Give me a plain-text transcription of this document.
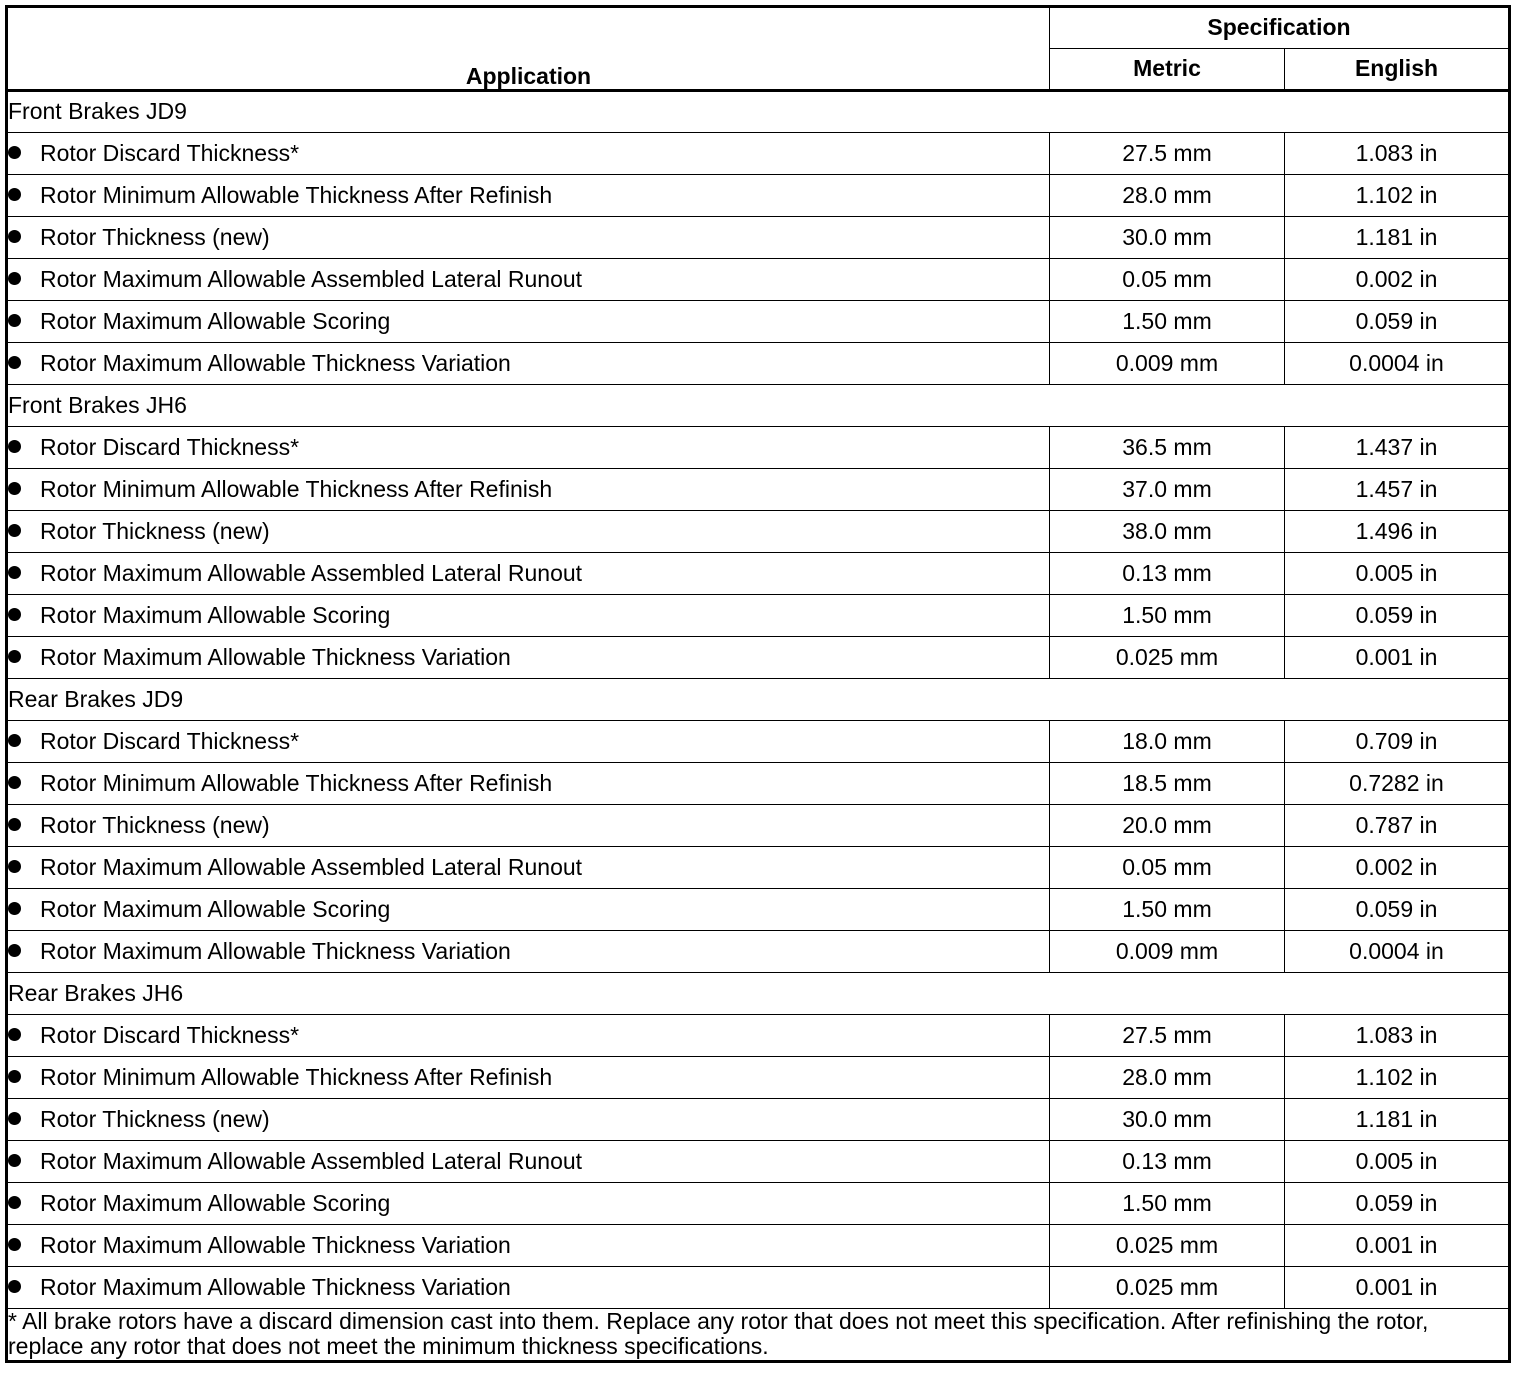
Application	Specification	
	Metric	English
Front Brakes JD9		
Rotor Discard Thickness*	27.5 mm	1.083 in
Rotor Minimum Allowable Thickness After Refinish	28.0 mm	1.102 in
Rotor Thickness (new)	30.0 mm	1.181 in
Rotor Maximum Allowable Assembled Lateral Runout	0.05 mm	0.002 in
Rotor Maximum Allowable Scoring	1.50 mm	0.059 in
Rotor Maximum Allowable Thickness Variation	0.009 mm	0.0004 in
Front Brakes JH6		
Rotor Discard Thickness*	36.5 mm	1.437 in
Rotor Minimum Allowable Thickness After Refinish	37.0 mm	1.457 in
Rotor Thickness (new)	38.0 mm	1.496 in
Rotor Maximum Allowable Assembled Lateral Runout	0.13 mm	0.005 in
Rotor Maximum Allowable Scoring	1.50 mm	0.059 in
Rotor Maximum Allowable Thickness Variation	0.025 mm	0.001 in
Rear Brakes JD9		
Rotor Discard Thickness*	18.0 mm	0.709 in
Rotor Minimum Allowable Thickness After Refinish	18.5 mm	0.7282 in
Rotor Thickness (new)	20.0 mm	0.787 in
Rotor Maximum Allowable Assembled Lateral Runout	0.05 mm	0.002 in
Rotor Maximum Allowable Scoring	1.50 mm	0.059 in
Rotor Maximum Allowable Thickness Variation	0.009 mm	0.0004 in
Rear Brakes JH6		
Rotor Discard Thickness*	27.5 mm	1.083 in
Rotor Minimum Allowable Thickness After Refinish	28.0 mm	1.102 in
Rotor Thickness (new)	30.0 mm	1.181 in
Rotor Maximum Allowable Assembled Lateral Runout	0.13 mm	0.005 in
Rotor Maximum Allowable Scoring	1.50 mm	0.059 in
Rotor Maximum Allowable Thickness Variation	0.025 mm	0.001 in
Rotor Maximum Allowable Thickness Variation	0.025 mm	0.001 in
* All brake rotors have a discard dimension cast into them. Replace any rotor that does not meet this specification. After refinishing the rotor, replace any rotor that does not meet the minimum thickness specifications.		
